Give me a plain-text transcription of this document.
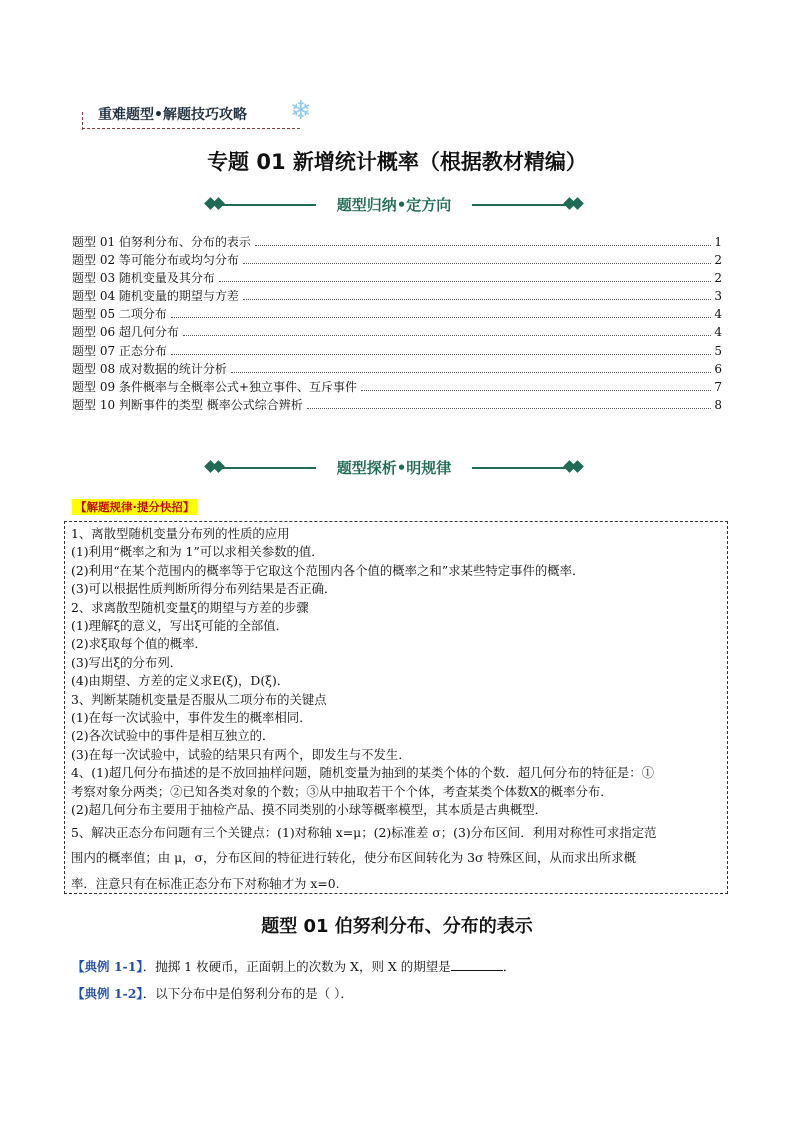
重难题型•解题技巧攻略 ❄
专题 01 新增统计概率（根据教材精编）
题型归纳•定方向
题型 01 伯努利分布、分布的表示	1
题型 02 等可能分布或均匀分布	2
题型 03 随机变量及其分布	2
题型 04 随机变量的期望与方差	3
题型 05 二项分布	4
题型 06 超几何分布	4
题型 07 正态分布	5
题型 08 成对数据的统计分析	6
题型 09 条件概率与全概率公式+独立事件、互斥事件	7
题型 10 判断事件的类型 概率公式综合辨析	8
题型探析•明规律
【解题规律·提分快招】
1、离散型随机变量分布列的性质的应用
(1)利用“概率之和为 1”可以求相关参数的值．
(2)利用“在某个范围内的概率等于它取这个范围内各个值的概率之和”求某些特定事件的概率．
(3)可以根据性质判断所得分布列结果是否正确．
2、求离散型随机变量ξ的期望与方差的步骤
(1)理解ξ的意义，写出ξ可能的全部值．
(2)求ξ取每个值的概率．
(3)写出ξ的分布列．
(4)由期望、方差的定义求E(ξ)，D(ξ)．
3、判断某随机变量是否服从二项分布的关键点
(1)在每一次试验中，事件发生的概率相同．
(2)各次试验中的事件是相互独立的．
(3)在每一次试验中，试验的结果只有两个，即发生与不发生．
4、(1)超几何分布描述的是不放回抽样问题，随机变量为抽到的某类个体的个数．超几何分布的特征是：①
考察对象分两类；②已知各类对象的个数；③从中抽取若干个个体，考查某类个体数X的概率分布．
(2)超几何分布主要用于抽检产品、摸不同类别的小球等概率模型，其本质是古典概型．
5、解决正态分布问题有三个关键点：(1)对称轴 x=μ；(2)标准差 σ；(3)分布区间．利用对称性可求指定范
围内的概率值；由 μ，σ，分布区间的特征进行转化，使分布区间转化为 3σ 特殊区间，从而求出所求概
率．注意只有在标准正态分布下对称轴才为 x=0.
题型 01 伯努利分布、分布的表示
【典例 1-1】．抛掷 1 枚硬币，正面朝上的次数为 X，则 X 的期望是	．
【典例 1-2】．以下分布中是伯努利分布的是（ ）．
